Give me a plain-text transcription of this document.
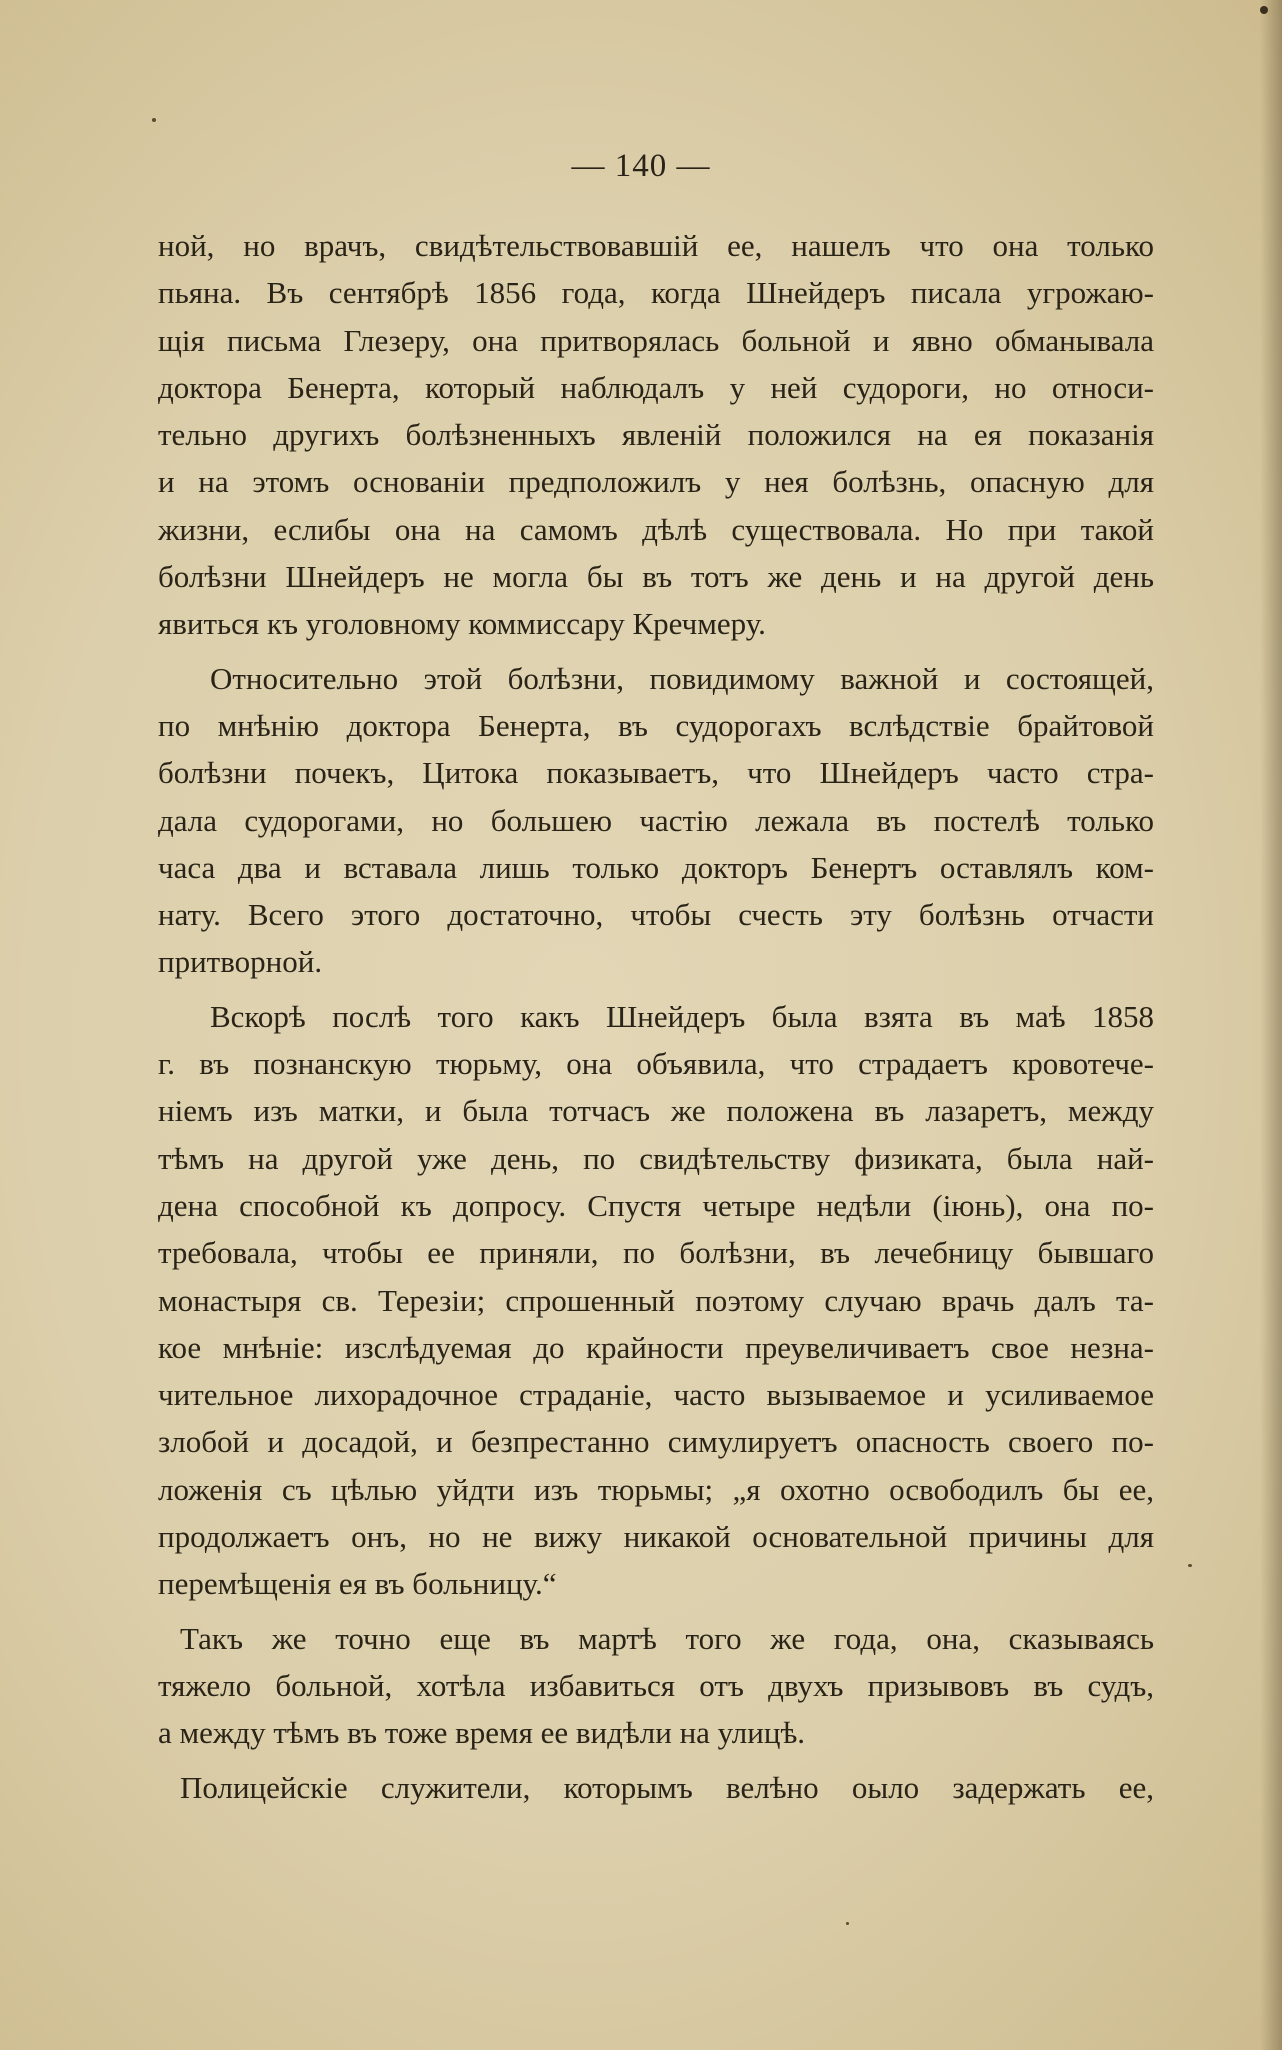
— 140 —
ной, но врачъ, свидѣтельствовавшій ее, нашелъ что она только
пьяна. Въ сентябрѣ 1856 года, когда Шнейдеръ писала угрожаю-
щія письма Глезеру, она притворялась больной и явно обманывала
доктора Бенерта, который наблюдалъ у ней судороги, но относи-
тельно другихъ болѣзненныхъ явленій положился на ея показанія
и на этомъ основаніи предположилъ у нея болѣзнь, опасную для
жизни, еслибы она на самомъ дѣлѣ существовала. Но при такой
болѣзни Шнейдеръ не могла бы въ тотъ же день и на другой день
явиться къ уголовному коммиссару Кречмеру.
Относительно этой болѣзни, повидимому важной и состоящей,
по мнѣнію доктора Бенерта, въ судорогахъ вслѣдствіе брайтовой
болѣзни почекъ, Цитока показываетъ, что Шнейдеръ часто стра-
дала судорогами, но большею частію лежала въ постелѣ только
часа два и вставала лишь только докторъ Бенертъ оставлялъ ком-
нату. Всего этого достаточно, чтобы счесть эту болѣзнь отчасти
притворной.
Вскорѣ послѣ того какъ Шнейдеръ была взята въ маѣ 1858
г. въ познанскую тюрьму, она объявила, что страдаетъ кровотече-
ніемъ изъ матки, и была тотчасъ же положена въ лазаретъ, между
тѣмъ на другой уже день, по свидѣтельству физиката, была най-
дена способной къ допросу. Спустя четыре недѣли (іюнь), она по-
требовала, чтобы ее приняли, по болѣзни, въ лечебницу бывшаго
монастыря св. Терезіи; спрошенный поэтому случаю врачь далъ та-
кое мнѣніе: изслѣдуемая до крайности преувеличиваетъ свое незна-
чительное лихорадочное страданіе, часто вызываемое и усиливаемое
злобой и досадой, и безпрестанно симулируетъ опасность своего по-
ложенія съ цѣлью уйдти изъ тюрьмы; „я охотно освободилъ бы ее,
продолжаетъ онъ, но не вижу никакой основательной причины для
перемѣщенія ея въ больницу.“
Такъ же точно еще въ мартѣ того же года, она, сказываясь
тяжело больной, хотѣла избавиться отъ двухъ призывовъ въ судъ,
а между тѣмъ въ тоже время ее видѣли на улицѣ.
Полицейскіе служители, которымъ велѣно оыло задержать ее,
